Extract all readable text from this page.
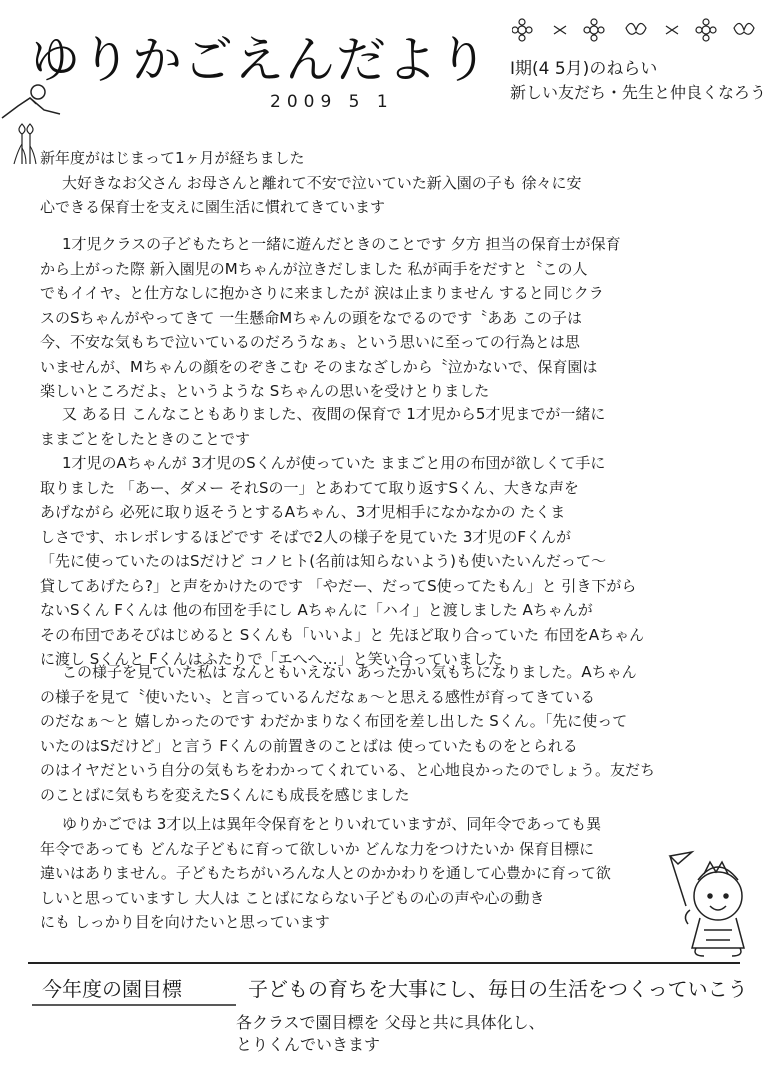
ゆりかごえんだより
2009 5 1
Ⅰ期(4 5月)のねらい
新しい友だち・先生と仲良くなろう
新年度がはじまって1ヶ月が経ちました
大好きなお父さん お母さんと離れて不安で泣いていた新入園の子も 徐々に安
心できる保育士を支えに園生活に慣れてきています
1才児クラスの子どもたちと一緒に遊んだときのことです 夕方 担当の保育士が保育
から上がった際 新入園児のMちゃんが泣きだしました 私が両手をだすと〝この人
でもイイヤ〟と仕方なしに抱かさりに来ましたが 涙は止まりません すると同じクラ
スのSちゃんがやってきて 一生懸命Mちゃんの頭をなでるのです〝ああ この子は
今、不安な気もちで泣いているのだろうなぁ〟という思いに至っての行為とは思
いませんが、Mちゃんの顔をのぞきこむ そのまなざしから〝泣かないで、保育園は
楽しいところだよ〟というような Sちゃんの思いを受けとりました
又 ある日 こんなこともありました、夜間の保育で 1才児から5才児までが一緒に
ままごとをしたときのことです
1才児のAちゃんが 3才児のSくんが使っていた ままごと用の布団が欲しくて手に
取りました 「あー、ダメー それSの一」とあわてて取り返すSくん、大きな声を
あげながら 必死に取り返そうとするAちゃん、3才児相手になかなかの たくま
しさです、ホレボレするほどです そばで2人の様子を見ていた 3才児のFくんが
「先に使っていたのはSだけど コノヒト(名前は知らないよう)も使いたいんだって～
貸してあげたら?」と声をかけたのです 「やだー、だってS使ってたもん」と 引き下がら
ないSくん Fくんは 他の布団を手にし Aちゃんに「ハイ」と渡しました Aちゃんが
その布団であそびはじめると Sくんも「いいよ」と 先ほど取り合っていた 布団をAちゃん
に渡し Sくんと Fくんはふたりで「エへへ…」と笑い合っていました
この様子を見ていた私は なんともいえない あったかい気もちになりました。Aちゃん
の様子を見て〝使いたい〟と言っているんだなぁ～と思える感性が育ってきている
のだなぁ～と 嬉しかったのです わだかまりなく布団を差し出した Sくん。「先に使って
いたのはSだけど」と言う Fくんの前置きのことばは 使っていたものをとられる
のはイヤだという自分の気もちをわかってくれている、と心地良かったのでしょう。友だち
のことばに気もちを変えたSくんにも成長を感じました
ゆりかごでは 3才以上は異年令保育をとりいれていますが、同年令であっても異
年令であっても どんな子どもに育って欲しいか どんな力をつけたいか 保育目標に
違いはありません。子どもたちがいろんな人とのかかわりを通して心豊かに育って欲
しいと思っていますし 大人は ことばにならない子どもの心の声や心の動き
にも しっかり目を向けたいと思っています
今年度の園目標	子どもの育ちを大事にし、毎日の生活をつくっていこう
各クラスで園目標を 父母と共に具体化し、
とりくんでいきます
